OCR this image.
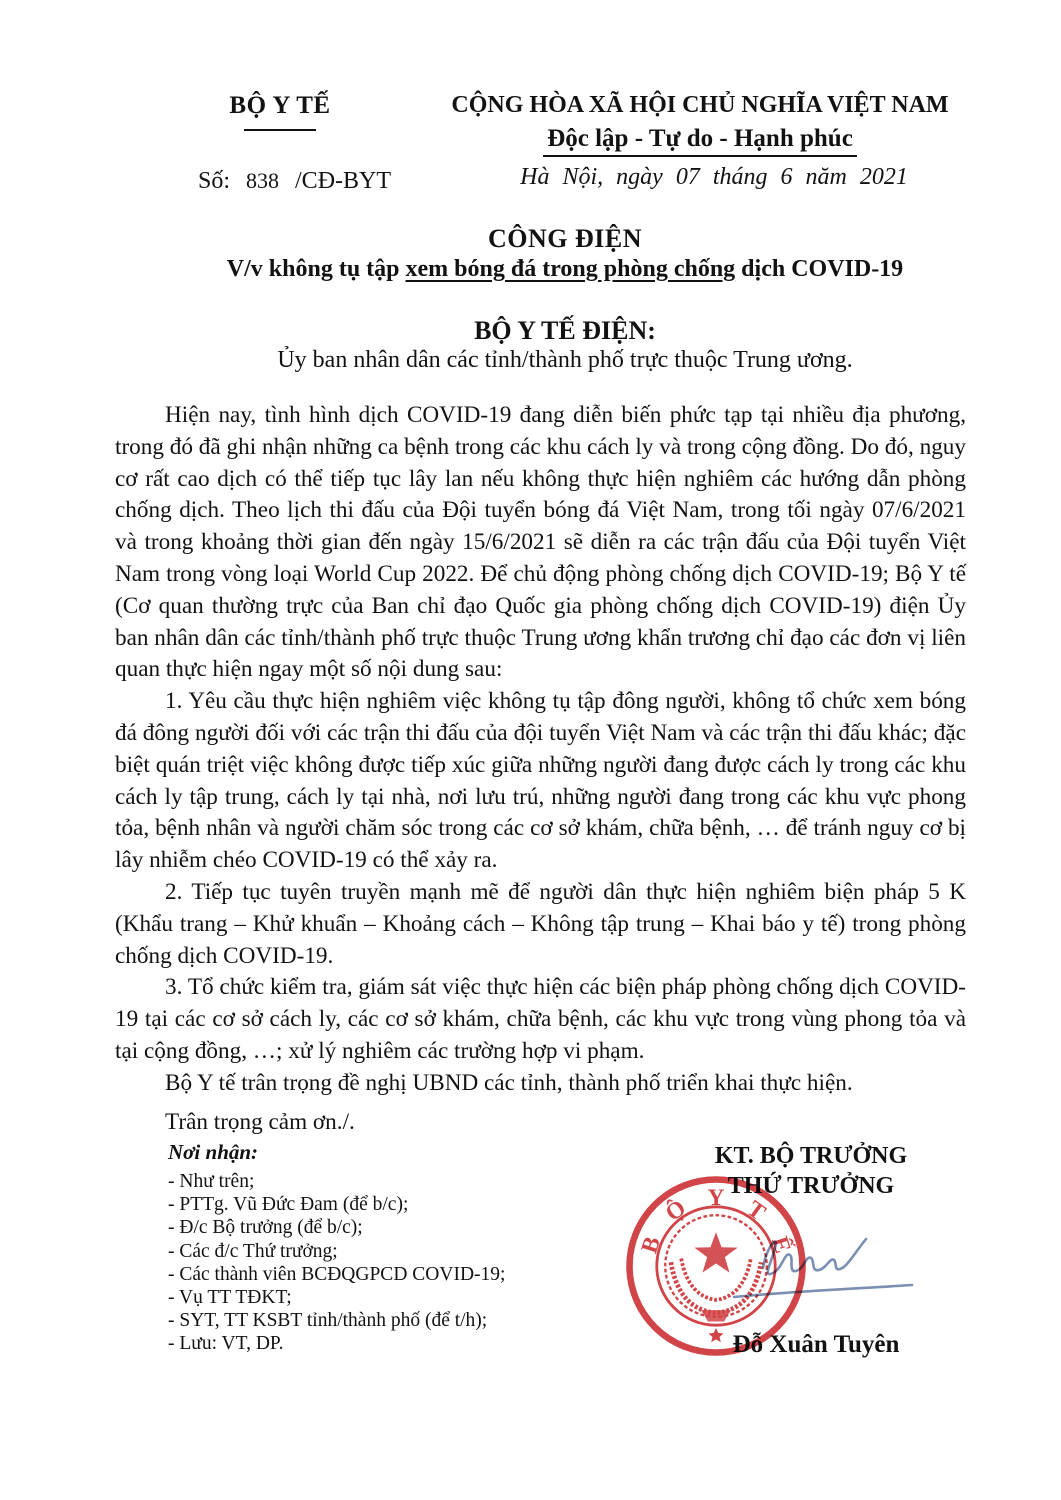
BỘ Y TẾ
Số: 838 /CĐ-BYT
CỘNG HÒA XÃ HỘI CHỦ NGHĨA VIỆT NAM
Độc lập - Tự do - Hạnh phúc
Hà Nội, ngày 07 tháng 6 năm 2021
CÔNG ĐIỆN
V/v không tụ tập xem bóng đá trong phòng chống dịch COVID-19
BỘ Y TẾ ĐIỆN:
Ủy ban nhân dân các tỉnh/thành phố trực thuộc Trung ương.

Hiện nay, tình hình dịch COVID-19 đang diễn biến phức tạp tại nhiều địa phương, trong đó đã ghi nhận những ca bệnh trong các khu cách ly và trong cộng đồng. Do đó, nguy cơ rất cao dịch có thể tiếp tục lây lan nếu không thực hiện nghiêm các hướng dẫn phòng chống dịch. Theo lịch thi đấu của Đội tuyển bóng đá Việt Nam, trong tối ngày 07/6/2021 và trong khoảng thời gian đến ngày 15/6/2021 sẽ diễn ra các trận đấu của Đội tuyển Việt Nam trong vòng loại World Cup 2022. Để chủ động phòng chống dịch COVID-19; Bộ Y tế (Cơ quan thường trực của Ban chỉ đạo Quốc gia phòng chống dịch COVID-19) điện Ủy ban nhân dân các tỉnh/thành phố trực thuộc Trung ương khẩn trương chỉ đạo các đơn vị liên quan thực hiện ngay một số nội dung sau:

1. Yêu cầu thực hiện nghiêm việc không tụ tập đông người, không tổ chức xem bóng đá đông người đối với các trận thi đấu của đội tuyển Việt Nam và các trận thi đấu khác; đặc biệt quán triệt việc không được tiếp xúc giữa những người đang được cách ly trong các khu cách ly tập trung, cách ly tại nhà, nơi lưu trú, những người đang trong các khu vực phong tỏa, bệnh nhân và người chăm sóc trong các cơ sở khám, chữa bệnh, … để tránh nguy cơ bị lây nhiễm chéo COVID-19 có thể xảy ra.

2. Tiếp tục tuyên truyền mạnh mẽ để người dân thực hiện nghiêm biện pháp 5 K (Khẩu trang – Khử khuẩn – Khoảng cách – Không tập trung – Khai báo y tế) trong phòng chống dịch COVID-19.

3. Tổ chức kiểm tra, giám sát việc thực hiện các biện pháp phòng chống dịch COVID-19 tại các cơ sở cách ly, các cơ sở khám, chữa bệnh, các khu vực trong vùng phong tỏa và tại cộng đồng, …; xử lý nghiêm các trường hợp vi phạm.

Bộ Y tế trân trọng đề nghị UBND các tỉnh, thành phố triển khai thực hiện.

Trân trọng cảm ơn./.

Nơi nhận:
- Như trên;
- PTTg. Vũ Đức Đam (để b/c);
- Đ/c Bộ trưởng (để b/c);
- Các đ/c Thứ trưởng;
- Các thành viên BCĐQGPCD COVID-19;
- Vụ TT TĐKT;
- SYT, TT KSBT tỉnh/thành phố (để t/h);
- Lưu: VT, DP.
KT. BỘ TRƯỞNG
THỨ TRƯỞNG
Đỗ Xuân Tuyên
B
Ộ Y T
Ế
